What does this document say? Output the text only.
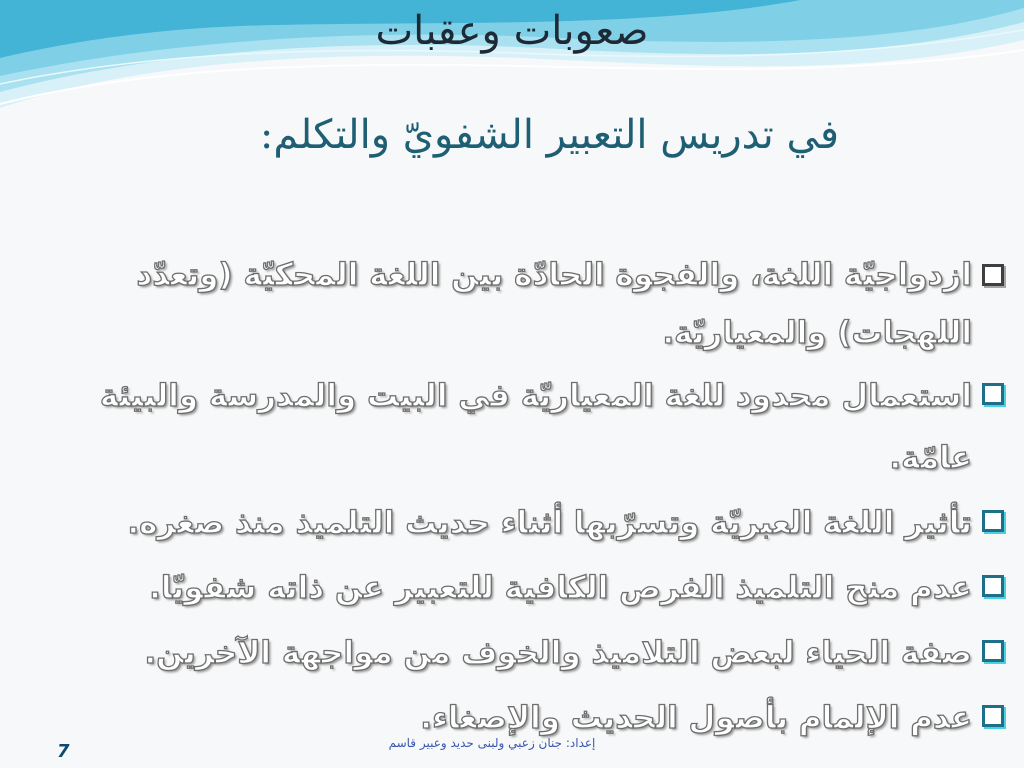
صعوبات وعقبات
في تدريس التعبير الشفويّ والتكلم:
ازدواجيّة اللغة، والفجوة الحادّة بين اللغة المحكيّة (وتعدّد اللهجات) والمعياريّة.
استعمال محدود للغة المعياريّة في البيت والمدرسة والبيئة عامّة.
تأثير اللغة العبريّة وتسرّبها أثناء حديث التلميذ منذ صغره.
عدم منح التلميذ الفرص الكافية للتعبير عن ذاته شفويّا.
صفة الحياء لبعض التلاميذ والخوف من مواجهة الآخرين.
عدم الإلمام بأصول الحديث والإصغاء.
إعداد: جنان زعبي ولبنى حديد وعبير قاسم
7
